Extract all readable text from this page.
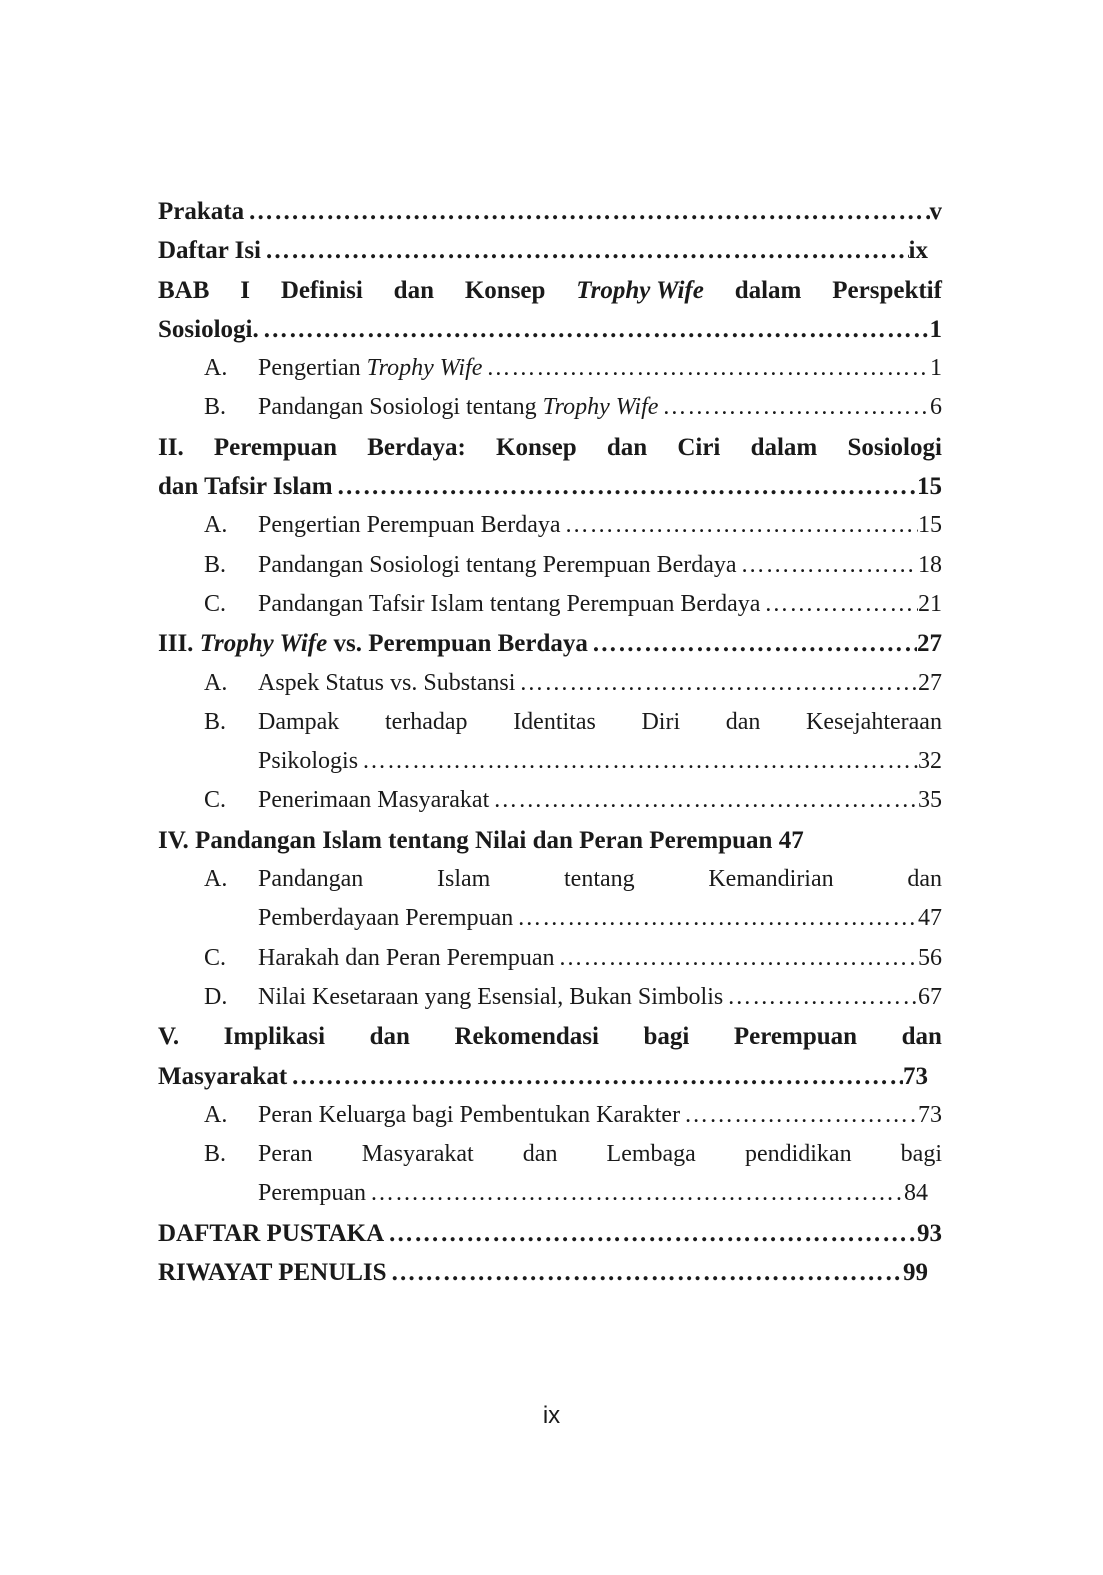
Prakata ………………………………………………………………………………………………………………………………………………………………………………………………	v
Daftar Isi ………………………………………………………………………………………………………………………………………………………………………………………………	ix
BAB I Definisi dan Konsep Trophy Wife dalam Perspektif
Sosiologi. ………………………………………………………………………………………………………………………………………………………………………………………………	1
A.	Pengertian Trophy Wife ………………………………………………………………………………………………………………………………………………………………………………………………	1
B.	Pandangan Sosiologi tentang Trophy Wife ………………………………………………………………………………………………………………………………………………………………………………………………	6
II. Perempuan Berdaya: Konsep dan Ciri dalam Sosiologi
dan Tafsir Islam ………………………………………………………………………………………………………………………………………………………………………………………………	15
A.	Pengertian Perempuan Berdaya ………………………………………………………………………………………………………………………………………………………………………………………………	15
B.	Pandangan Sosiologi tentang Perempuan Berdaya ………………………………………………………………………………………………………………………………………………………………………………………………	18
C.	Pandangan Tafsir Islam tentang Perempuan Berdaya ………………………………………………………………………………………………………………………………………………………………………………………………	21
III. Trophy Wife vs. Perempuan Berdaya ………………………………………………………………………………………………………………………………………………………………………………………………	27
A.	Aspek Status vs. Substansi ………………………………………………………………………………………………………………………………………………………………………………………………	27
B.	Dampak terhadap Identitas Diri dan Kesejahteraan
Psikologis ………………………………………………………………………………………………………………………………………………………………………………………………	32
C.	Penerimaan Masyarakat ………………………………………………………………………………………………………………………………………………………………………………………………	35
IV. Pandangan Islam tentang Nilai dan Peran Perempuan 47
A.	Pandangan	Islam	tentang	Kemandirian	dan
Pemberdayaan Perempuan ………………………………………………………………………………………………………………………………………………………………………………………………	47
C.	Harakah dan Peran Perempuan ………………………………………………………………………………………………………………………………………………………………………………………………	56
D.	Nilai Kesetaraan yang Esensial, Bukan Simbolis ………………………………………………………………………………………………………………………………………………………………………………………………	67
V. Implikasi dan Rekomendasi bagi Perempuan dan
Masyarakat ………………………………………………………………………………………………………………………………………………………………………………………………	73
A.	Peran Keluarga bagi Pembentukan Karakter ………………………………………………………………………………………………………………………………………………………………………………………………	73
B.	Peran Masyarakat dan Lembaga pendidikan bagi
Perempuan ………………………………………………………………………………………………………………………………………………………………………………………………	84
DAFTAR PUSTAKA ………………………………………………………………………………………………………………………………………………………………………………………………	93
RIWAYAT PENULIS ………………………………………………………………………………………………………………………………………………………………………………………………	99
ix
